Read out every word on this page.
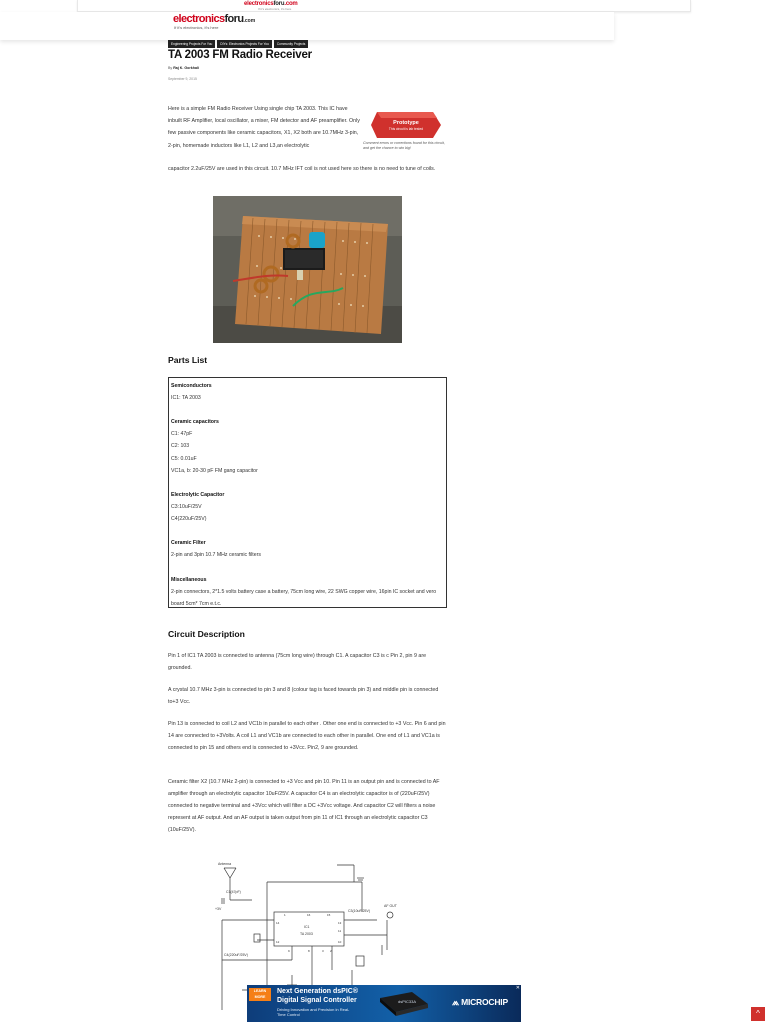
electronicsforu.com
If it's electronics, it's here
electronicsforu.com
If it's electronics, it's here
Engineering Projects For You	DIYs: Electronics Projects For You	Community Projects
TA 2003 FM Radio Receiver
By Raj K. Gorkhali
September 9, 2015

Here is a simple FM Radio Receiver Using single chip TA 2003. This IC have inbuilt RF Amplifier, local oscillator, a mixer, FM detector and AF preamplifier. Only few passive components like ceramic capacitors, X1, X2 both are 10.7MHz 3-pin, 2-pin, homemade inductors like L1, L2 and L3,an electrolytic

Prototype
This circuit is lab tested
Comment errors or corrections found for this circuit, and get the chance to win big!

capacitor 2.2uF/25V are used in this circuit. 10.7 MHz IFT coil is not used here so there is no need to tune of coils.

Parts List
Semiconductors
IC1: TA 2003
Ceramic capacitors
C1: 47pF
C2: 103
C5: 0.01uF
VC1a, b: 20-30 pF FM gang capacitor
Electrolytic Capacitor
C3:10uF/25V
C4(220uF/25V)
Ceramic Filter
2-pin and 3pin 10.7 MHz ceramic filters
Miscellaneous
2-pin connectors, 2*1.5 volts battery case a battery, 75cm long wire, 22 SWG copper wire, 16pin IC socket and vero board 5cm* 7cm e.t.c.
Circuit Description

Pin 1 of IC1 TA 2003 is connected to antenna (75cm long wire) through C1. A capacitor C3 is c Pin 2, pin 9 are grounded.

A crystal 10.7 MHz 3-pin is connected to pin 3 and 8 (colour tag is faced towards pin 3) and middle pin is connected to+3 Vcc.

Pin 13 is connected to coil L2 and VC1b in parallel to each other . Other one end is connected to +3 Vcc. Pin 6 and pin 14 are connected to +3Volts. A coil L1 and VC1b are connected to each other in parallel. One end of L1 and VC1a is connected to pin 15 and others end is connected to +3Vcc. Pin2, 9 are grounded.

Ceramic filter X2 (10.7 MHz 2-pin) is connected to +3 Vcc and pin 10. Pin 11 is an output pin and is connected to AF amplifier through an electrolytic capacitor 10uF/25V. A capacitor C4 is an electrolytic capacitor is of (220uF/25V) connected to negative terminal and +3Vcc which will filter a DC +3Vcc voltage. And capacitor C2 will filters a noise represent at AF output. And an AF output is taken output from pin 11 of IC1 through an electrolytic capacitor C3 (10uF/25V).

Antenna
C1(47pF)
IC1
TA 2003
+3V	C3(10uF/25V)
AF OUT
C4(220uF/25V)
1	16	15
14	13
12
11
10
9	8	3 2
LEARN MORE
Next Generation dsPIC®
Digital Signal Controller
Driving Innovation and Precision in Real-Time Control
dsPIC33A	⩕ MICROCHIP
✕
^
